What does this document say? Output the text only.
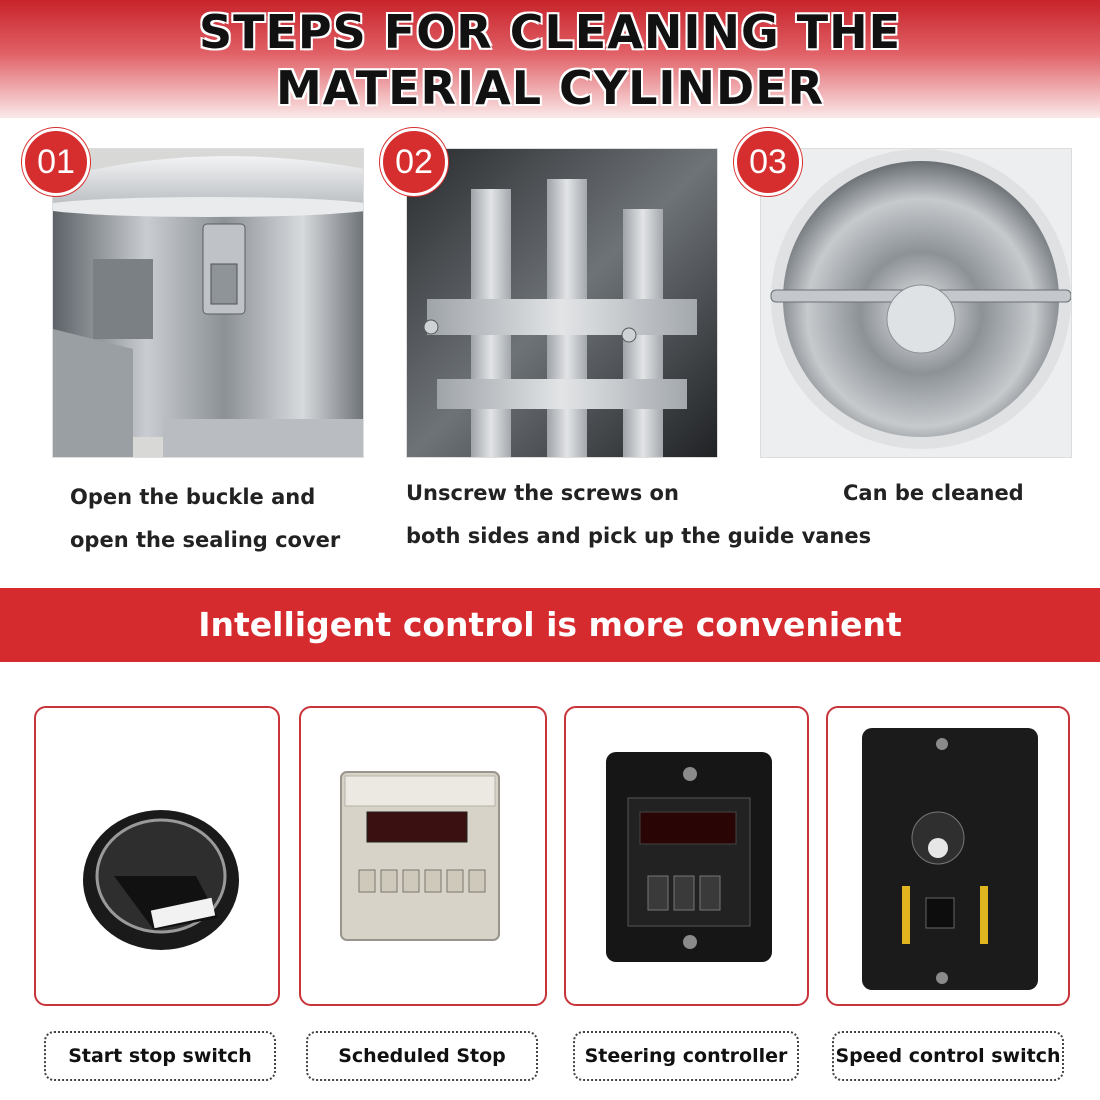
STEPS FOR CLEANING THE
MATERIAL CYLINDER
01	02	03
Open the buckle and
open the sealing cover
Unscrew the screws on
both sides and pick up the guide vanes
Can be cleaned
Intelligent control is more convenient
Start stop switch	Scheduled Stop	Steering controller	Speed control switch
